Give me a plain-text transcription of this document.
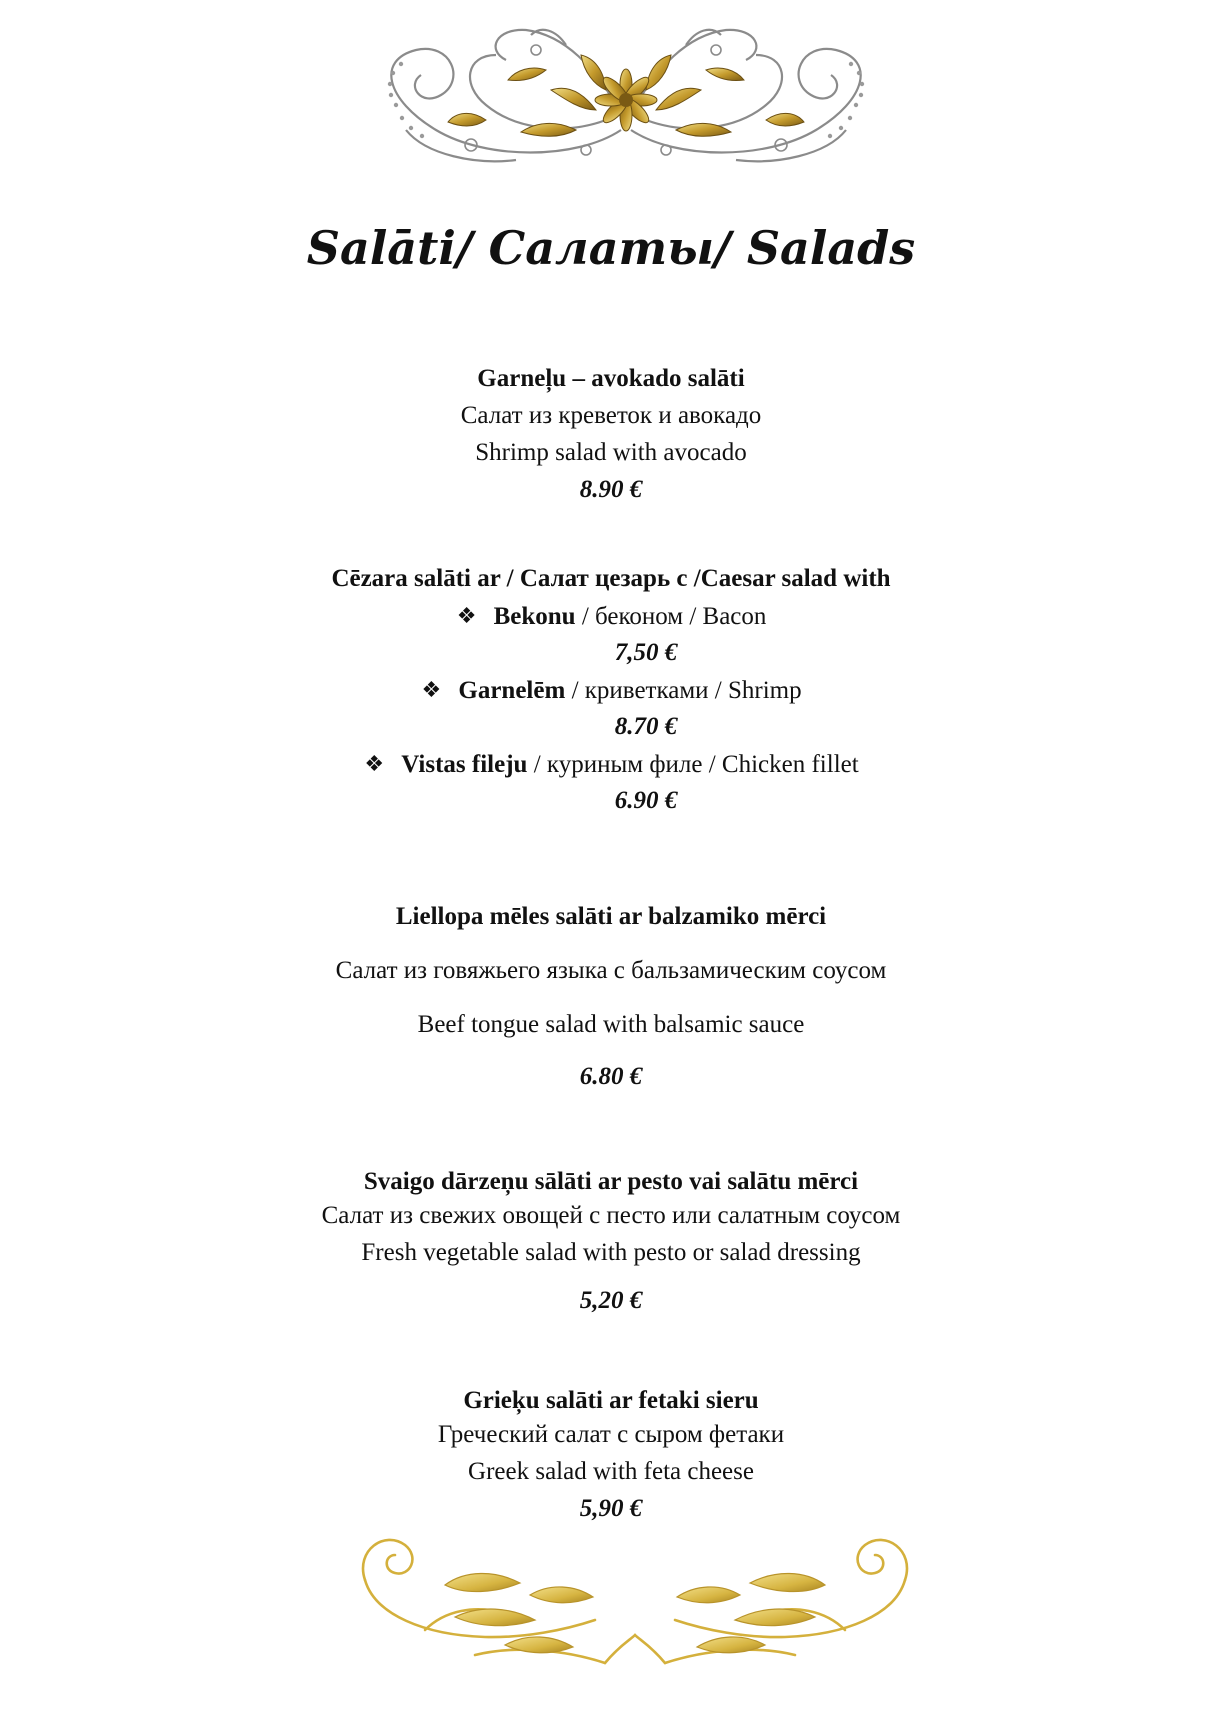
Salāti/ Салаты/ Salads
Garneļu – avokado salāti
Салат из креветок и авокадо
Shrimp salad with avocado
8.90 €
Cēzara salāti ar / Салат цезарь с /Caesar salad with
❖ Bekonu / беконом / Bacon
7,50 €
❖ Garnelēm / криветками / Shrimp
8.70 €
❖ Vistas fileju / куриным филе / Chicken fillet
6.90 €
Liellopa mēles salāti ar balzamiko mērci
Салат из говяжьего языка с бальзамическим соусом
Beef tongue salad with balsamic sauce
6.80 €
Svaigo dārzeņu sālāti ar pesto vai salātu mērci
Салат из свежих овощей с песто или салатным соусом
Fresh vegetable salad with pesto or salad dressing
5,20 €
Grieķu salāti ar fetaki sieru
Греческий салат с сыром фетаки
Greek salad with feta cheese
5,90 €
